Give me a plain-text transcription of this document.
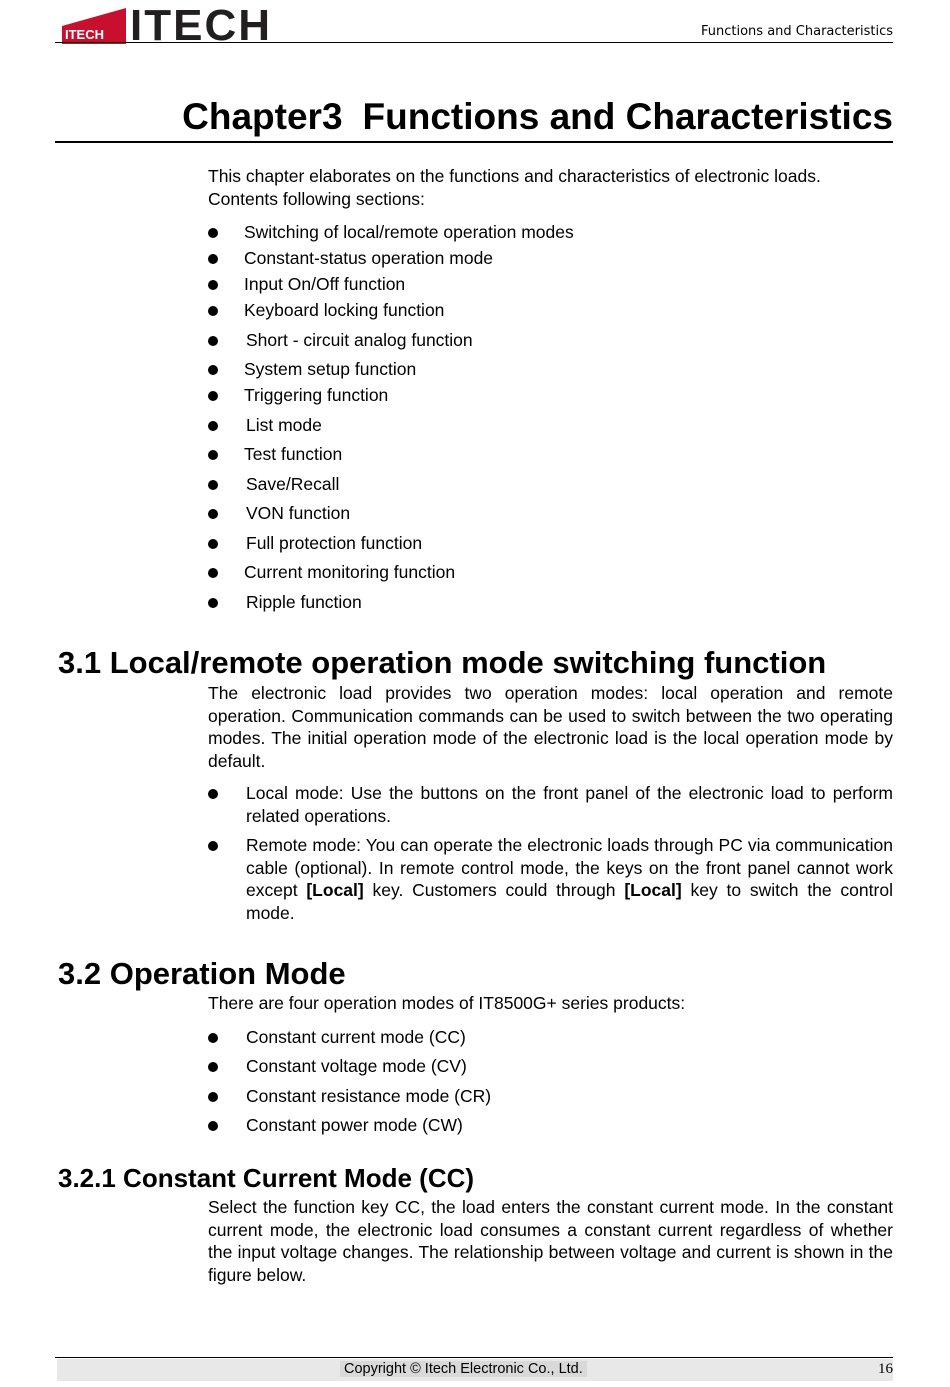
ITECH ITECH	Functions and Characteristics
Chapter3 Functions and Characteristics
This chapter elaborates on the functions and characteristics of electronic loads.
Contents following sections:
Switching of local/remote operation modes
Constant-status operation mode
Input On/Off function
Keyboard locking function
Short - circuit analog function
System setup function
Triggering function
List mode
Test function
Save/Recall
VON function
Full protection function
Current monitoring function
Ripple function
3.1 Local/remote operation mode switching function
The electronic load provides two operation modes: local operation and remote operation. Communication commands can be used to switch between the two operating modes. The initial operation mode of the electronic load is the local operation mode by default.
Local mode: Use the buttons on the front panel of the electronic load to perform related operations.
Remote mode: You can operate the electronic loads through PC via communication cable (optional). In remote control mode, the keys on the front panel cannot work except [Local] key. Customers could through [Local] key to switch the control mode.
3.2 Operation Mode
There are four operation modes of IT8500G+ series products:
Constant current mode (CC)
Constant voltage mode (CV)
Constant resistance mode (CR)
Constant power mode (CW)
3.2.1 Constant Current Mode (CC)
Select the function key CC, the load enters the constant current mode. In the constant current mode, the electronic load consumes a constant current regardless of whether the input voltage changes. The relationship between voltage and current is shown in the figure below.
Copyright © Itech Electronic Co., Ltd.	16
